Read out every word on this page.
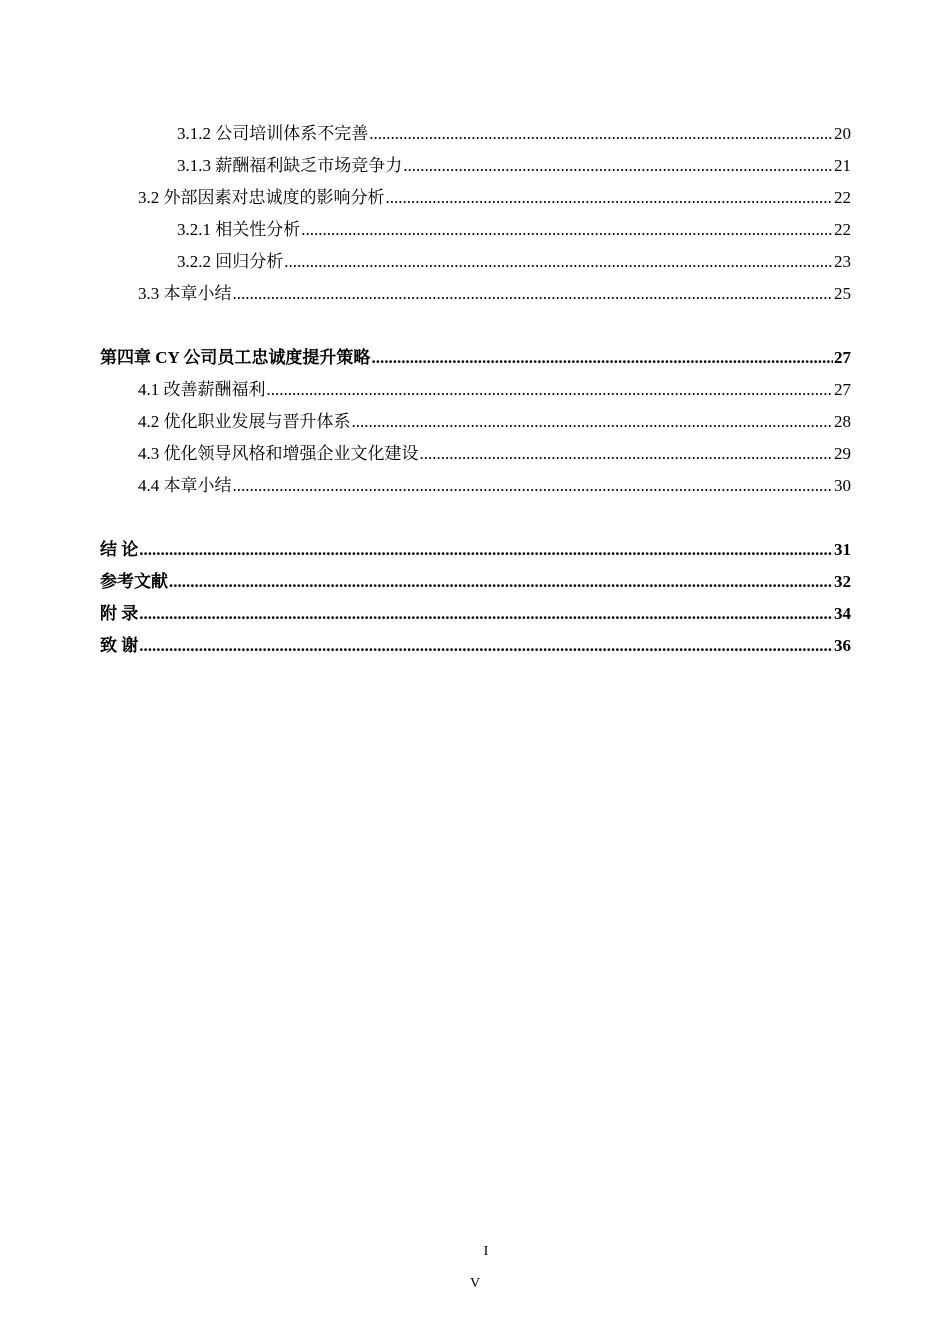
3.1.2 公司培训体系不完善 .....	20
3.1.3 薪酬福利缺乏市场竞争力 .....	21
3.2 外部因素对忠诚度的影响分析 .....	22
3.2.1 相关性分析 .....	22
3.2.2 回归分析 .....	23
3.3 本章小结 .....	25
第四章 CY 公司员工忠诚度提升策略 .....	27
4.1 改善薪酬福利 .....	27
4.2 优化职业发展与晋升体系 .....	28
4.3 优化领导风格和增强企业文化建设 .....	29
4.4 本章小结 .....	30
结 论 .....	31
参考文献 .....	32
附 录 .....	34
致 谢 .....	36
I
V
